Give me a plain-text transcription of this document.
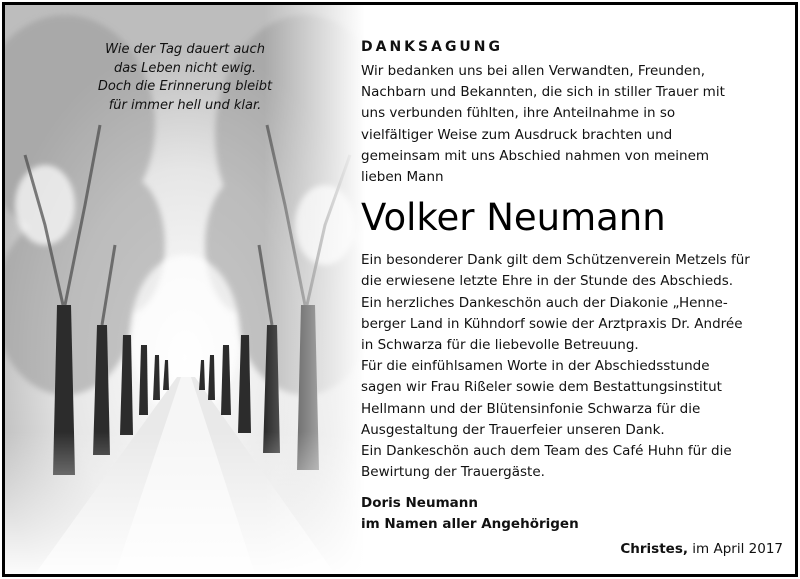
Wie der Tag dauert auch
das Leben nicht ewig.
Doch die Erinnerung bleibt
für immer hell und klar.
DANKSAGUNG
Wir bedanken uns bei allen Verwandten, Freunden,
Nachbarn und Bekannten, die sich in stiller Trauer mit
uns verbunden fühlten, ihre Anteilnahme in so
vielfältiger Weise zum Ausdruck brachten und
gemeinsam mit uns Abschied nahmen von meinem
lieben Mann
Volker Neumann
Ein besonderer Dank gilt dem Schützenverein Metzels für
die erwiesene letzte Ehre in der Stunde des Abschieds.
Ein herzliches Dankeschön auch der Diakonie „Henne-
berger Land in Kühndorf sowie der Arztpraxis Dr. Andrée
in Schwarza für die liebevolle Betreuung.
Für die einfühlsamen Worte in der Abschiedsstunde
sagen wir Frau Rißeler sowie dem Bestattungsinstitut
Hellmann und der Blütensinfonie Schwarza für die
Ausgestaltung der Trauerfeier unseren Dank.
Ein Dankeschön auch dem Team des Café Huhn für die
Bewirtung der Trauergäste.
Doris Neumann
im Namen aller Angehörigen
Christes, im April 2017
